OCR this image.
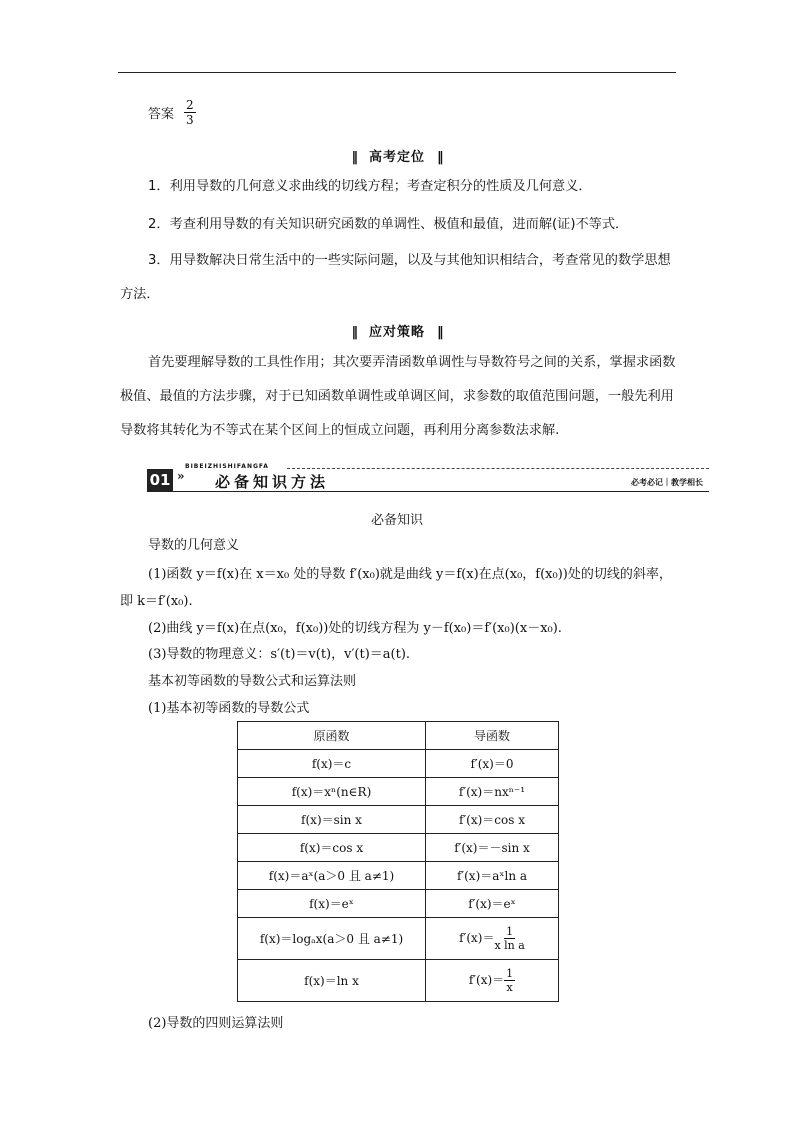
答案 $\frac{2}{3}$
‖ 高考定位 ‖
1．利用导数的几何意义求曲线的切线方程；考查定积分的性质及几何意义．
2．考查利用导数的有关知识研究函数的单调性、极值和最值，进而解(证)不等式．
3．用导数解决日常生活中的一些实际问题，以及与其他知识相结合，考查常见的数学思想方法．
‖ 应对策略 ‖
首先要理解导数的工具性作用；其次要弄清函数单调性与导数符号之间的关系，掌握求函数极值、最值的方法步骤，对于已知函数单调性或单调区间，求参数的取值范围问题，一般先利用导数将其转化为不等式在某个区间上的恒成立问题，再利用分离参数法求解.
BIBEIZHISHIFANGFA
01 » 必备知识方法	必考必记｜教学相长
必备知识
导数的几何意义
(1)函数 y＝f(x)在 x＝x₀ 处的导数 f′(x₀)就是曲线 y＝f(x)在点(x₀，f(x₀))处的切线的斜率，
即 k＝f′(x₀).
(2)曲线 y＝f(x)在点(x₀，f(x₀))处的切线方程为 y－f(x₀)＝f′(x₀)(x－x₀).
(3)导数的物理意义：s′(t)＝v(t)，v′(t)＝a(t).
基本初等函数的导数公式和运算法则
(1)基本初等函数的导数公式
原函数	导函数
f(x)＝c	f′(x)＝0
f(x)＝xⁿ(n∈R)	f′(x)＝nxⁿ⁻¹
f(x)＝sin x	f′(x)＝cos x
f(x)＝cos x	f′(x)＝－sin x
f(x)＝aˣ(a＞0 且 a≠1)	f′(x)＝aˣln a
f(x)＝eˣ	f′(x)＝eˣ
f(x)＝logₐx(a＞0 且 a≠1)	$f'(x)= \frac{1}{\text{x ln a}}$

f(x)＝ln x	$f'(x)= \frac{1}{x}$
(2)导数的四则运算法则
